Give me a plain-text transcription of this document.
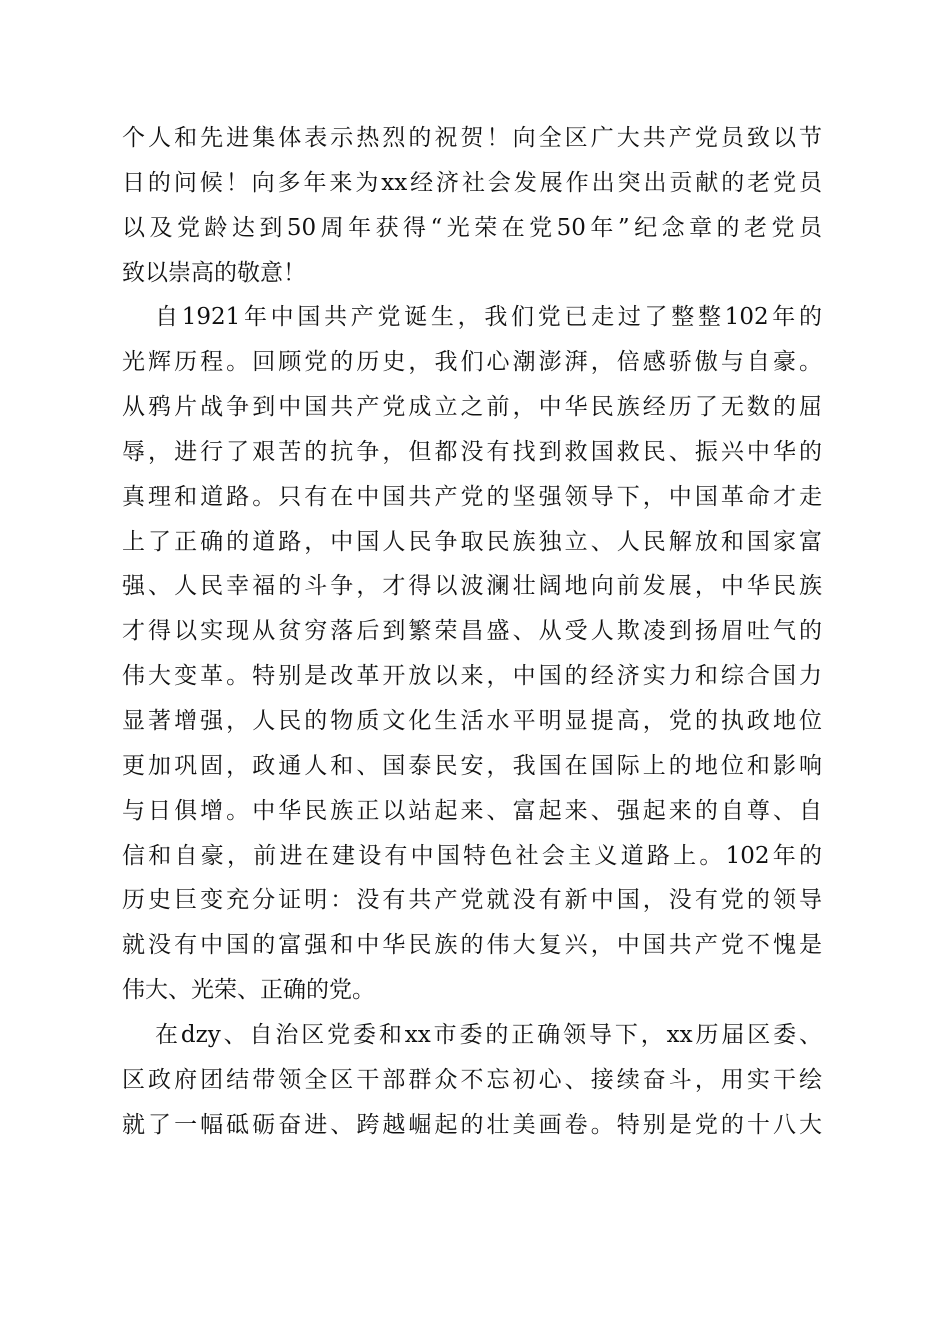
个人和先进集体表示热烈的祝贺！向全区广大共产党员致以节
日的问候！向多年来为xx经济社会发展作出突出贡献的老党员
以及党龄达到50周年获得“光荣在党50年”纪念章的老党员
致以崇高的敬意！
自1921年中国共产党诞生，我们党已走过了整整102年的
光辉历程。回顾党的历史，我们心潮澎湃，倍感骄傲与自豪。
从鸦片战争到中国共产党成立之前，中华民族经历了无数的屈
辱，进行了艰苦的抗争，但都没有找到救国救民、振兴中华的
真理和道路。只有在中国共产党的坚强领导下，中国革命才走
上了正确的道路，中国人民争取民族独立、人民解放和国家富
强、人民幸福的斗争，才得以波澜壮阔地向前发展，中华民族
才得以实现从贫穷落后到繁荣昌盛、从受人欺凌到扬眉吐气的
伟大变革。特别是改革开放以来，中国的经济实力和综合国力
显著增强，人民的物质文化生活水平明显提高，党的执政地位
更加巩固，政通人和、国泰民安，我国在国际上的地位和影响
与日俱增。中华民族正以站起来、富起来、强起来的自尊、自
信和自豪，前进在建设有中国特色社会主义道路上。102年的
历史巨变充分证明：没有共产党就没有新中国，没有党的领导
就没有中国的富强和中华民族的伟大复兴，中国共产党不愧是
伟大、光荣、正确的党。
在dzy、自治区党委和xx市委的正确领导下，xx历届区委、
区政府团结带领全区干部群众不忘初心、接续奋斗，用实干绘
就了一幅砥砺奋进、跨越崛起的壮美画卷。特别是党的十八大
